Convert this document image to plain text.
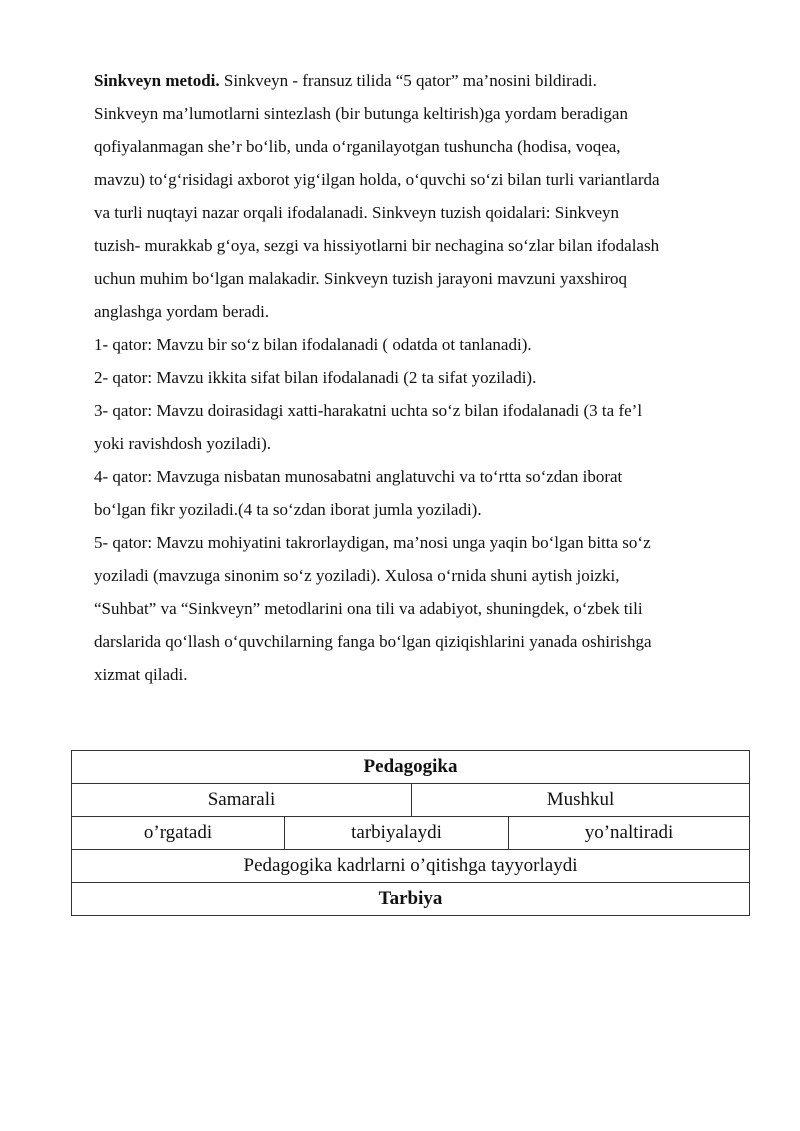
Sinkveyn metodi. Sinkveyn - fransuz tilida “5 qator” ma’nosini bildiradi.
Sinkveyn ma’lumotlarni sintezlash (bir butunga keltirish)ga yordam beradigan
qofiyalanmagan she’r bo‘lib, unda o‘rganilayotgan tushuncha (hodisa, voqea,
mavzu) to‘g‘risidagi axborot yig‘ilgan holda, o‘quvchi so‘zi bilan turli variantlarda
va turli nuqtayi nazar orqali ifodalanadi. Sinkveyn tuzish qoidalari: Sinkveyn
tuzish- murakkab g‘oya, sezgi va hissiyotlarni bir nechagina so‘zlar bilan ifodalash
uchun muhim bo‘lgan malakadir. Sinkveyn tuzish jarayoni mavzuni yaxshiroq
anglashga yordam beradi.
1- qator: Mavzu bir so‘z bilan ifodalanadi ( odatda ot tanlanadi).
2- qator: Mavzu ikkita sifat bilan ifodalanadi (2 ta sifat yoziladi).
3- qator: Mavzu doirasidagi xatti-harakatni uchta so‘z bilan ifodalanadi (3 ta fe’l
yoki ravishdosh yoziladi).
4- qator: Mavzuga nisbatan munosabatni anglatuvchi va to‘rtta so‘zdan iborat
bo‘lgan fikr yoziladi.(4 ta so‘zdan iborat jumla yoziladi).
5- qator: Mavzu mohiyatini takrorlaydigan, ma’nosi unga yaqin bo‘lgan bitta so‘z
yoziladi (mavzuga sinonim so‘z yoziladi). Xulosa o‘rnida shuni aytish joizki,
“Suhbat” va “Sinkveyn” metodlarini ona tili va adabiyot, shuningdek, o‘zbek tili
darslarida qo‘llash o‘quvchilarning fanga bo‘lgan qiziqishlarini yanada oshirishga
xizmat qiladi.
Pedagogika			
Samarali		Mushkul	
o’rgatadi	tarbiyalaydi		yo’naltiradi
Pedagogika kadrlarni o’qitishga tayyorlaydi			
Tarbiya			
